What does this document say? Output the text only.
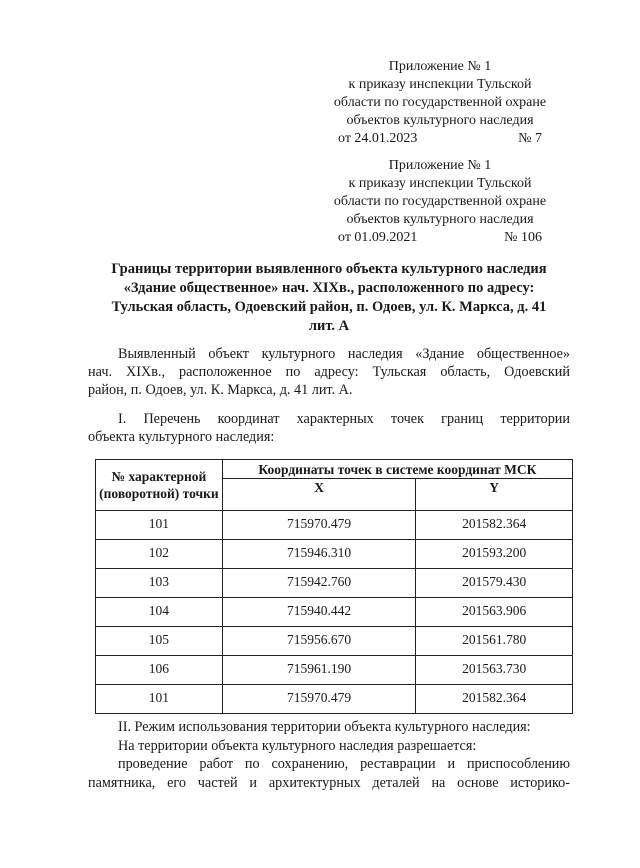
Приложение № 1
к приказу инспекции Тульской
области по государственной охране
объектов культурного наследия
от 24.01.2023	№ 7
Приложение № 1
к приказу инспекции Тульской
области по государственной охране
объектов культурного наследия
от 01.09.2021	№ 106
Границы территории выявленного объекта культурного наследия
«Здание общественное» нач. XIXв., расположенного по адресу:
Тульская область, Одоевский район, п. Одоев, ул. К. Маркса, д. 41
лит. А
Выявленный объект культурного наследия «Здание общественное»
нач. XIXв., расположенное по адресу: Тульская область, Одоевский
район, п. Одоев, ул. К. Маркса, д. 41 лит. А.
I. Перечень координат характерных точек границ территории
объекта культурного наследия:
№ характерной (поворотной) точки	Координаты точек в системе координат МСК	
	X	Y
101	715970.479	201582.364
102	715946.310	201593.200
103	715942.760	201579.430
104	715940.442	201563.906
105	715956.670	201561.780
106	715961.190	201563.730
101	715970.479	201582.364
II. Режим использования территории объекта культурного наследия:
На территории объекта культурного наследия разрешается:
проведение работ по сохранению, реставрации и приспособлению
памятника, его частей и архитектурных деталей на основе историко-
